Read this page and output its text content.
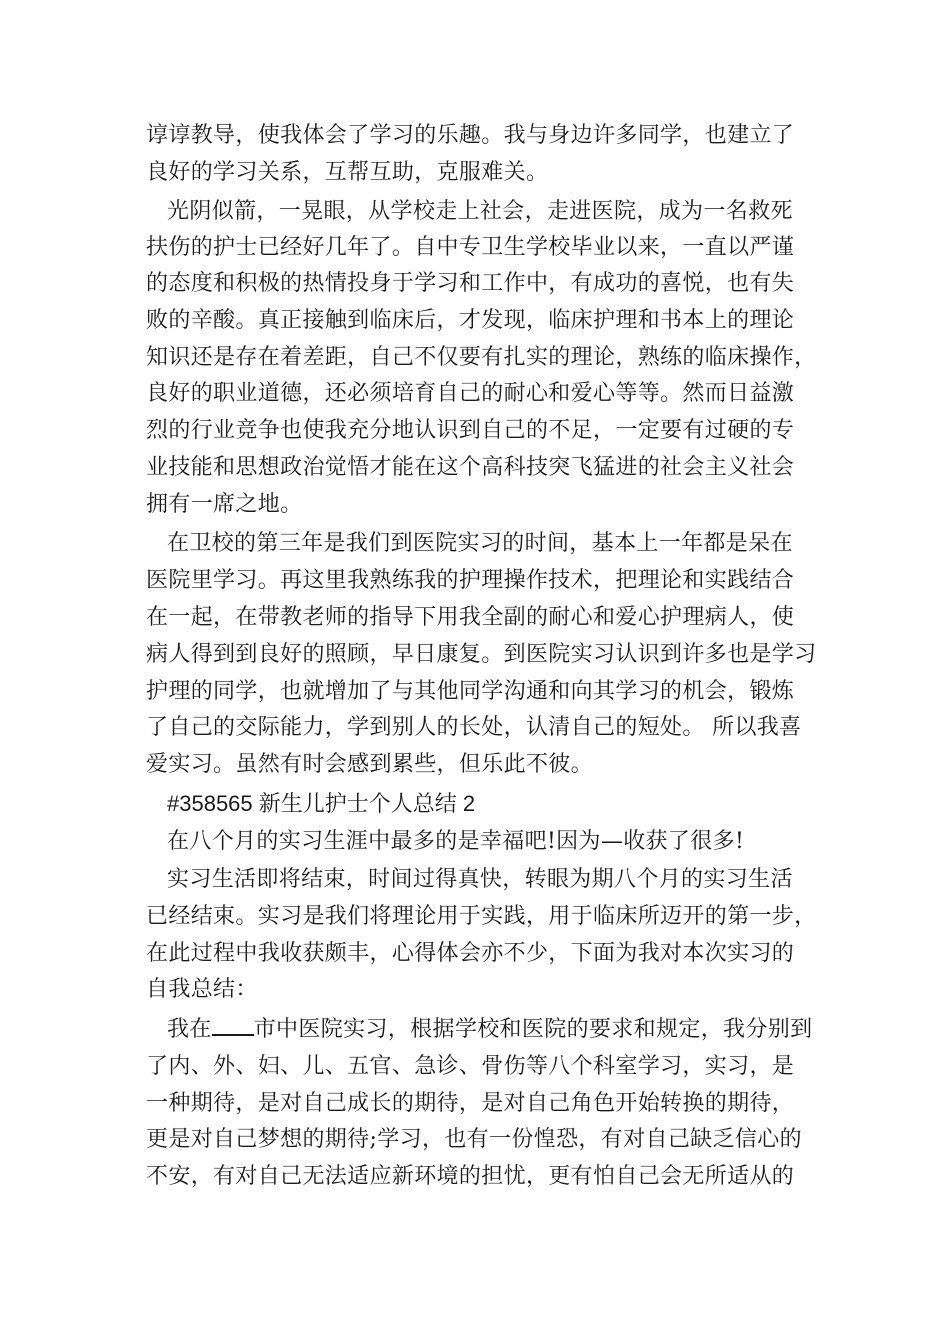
谆谆教导，使我体会了学习的乐趣。我与身边许多同学，也建立了
良好的学习关系，互帮互助，克服难关。
光阴似箭，一晃眼，从学校走上社会，走进医院，成为一名救死
扶伤的护士已经好几年了。自中专卫生学校毕业以来，一直以严谨
的态度和积极的热情投身于学习和工作中，有成功的喜悦，也有失
败的辛酸。真正接触到临床后，才发现，临床护理和书本上的理论
知识还是存在着差距，自己不仅要有扎实的理论，熟练的临床操作，
良好的职业道德，还必须培育自己的耐心和爱心等等。然而日益激
烈的行业竞争也使我充分地认识到自己的不足，一定要有过硬的专
业技能和思想政治觉悟才能在这个高科技突飞猛进的社会主义社会
拥有一席之地。
在卫校的第三年是我们到医院实习的时间，基本上一年都是呆在
医院里学习。再这里我熟练我的护理操作技术，把理论和实践结合
在一起，在带教老师的指导下用我全副的耐心和爱心护理病人，使
病人得到到良好的照顾，早日康复。到医院实习认识到许多也是学习
护理的同学，也就增加了与其他同学沟通和向其学习的机会，锻炼
了自己的交际能力，学到别人的长处，认清自己的短处。 所以我喜
爱实习。虽然有时会感到累些，但乐此不彼。
#358565 新生儿护士个人总结 2
在八个月的实习生涯中最多的是幸福吧!因为—收获了很多!
实习生活即将结束，时间过得真快，转眼为期八个月的实习生活
已经结束。实习是我们将理论用于实践，用于临床所迈开的第一步，
在此过程中我收获颇丰，心得体会亦不少，下面为我对本次实习的
自我总结：
我在 市中医院实习，根据学校和医院的要求和规定，我分别到
了内、外、妇、儿、五官、急诊、骨伤等八个科室学习，实习，是
一种期待，是对自己成长的期待，是对自己角色开始转换的期待，
更是对自己梦想的期待;学习，也有一份惶恐，有对自己缺乏信心的
不安，有对自己无法适应新环境的担忧，更有怕自己会无所适从的
